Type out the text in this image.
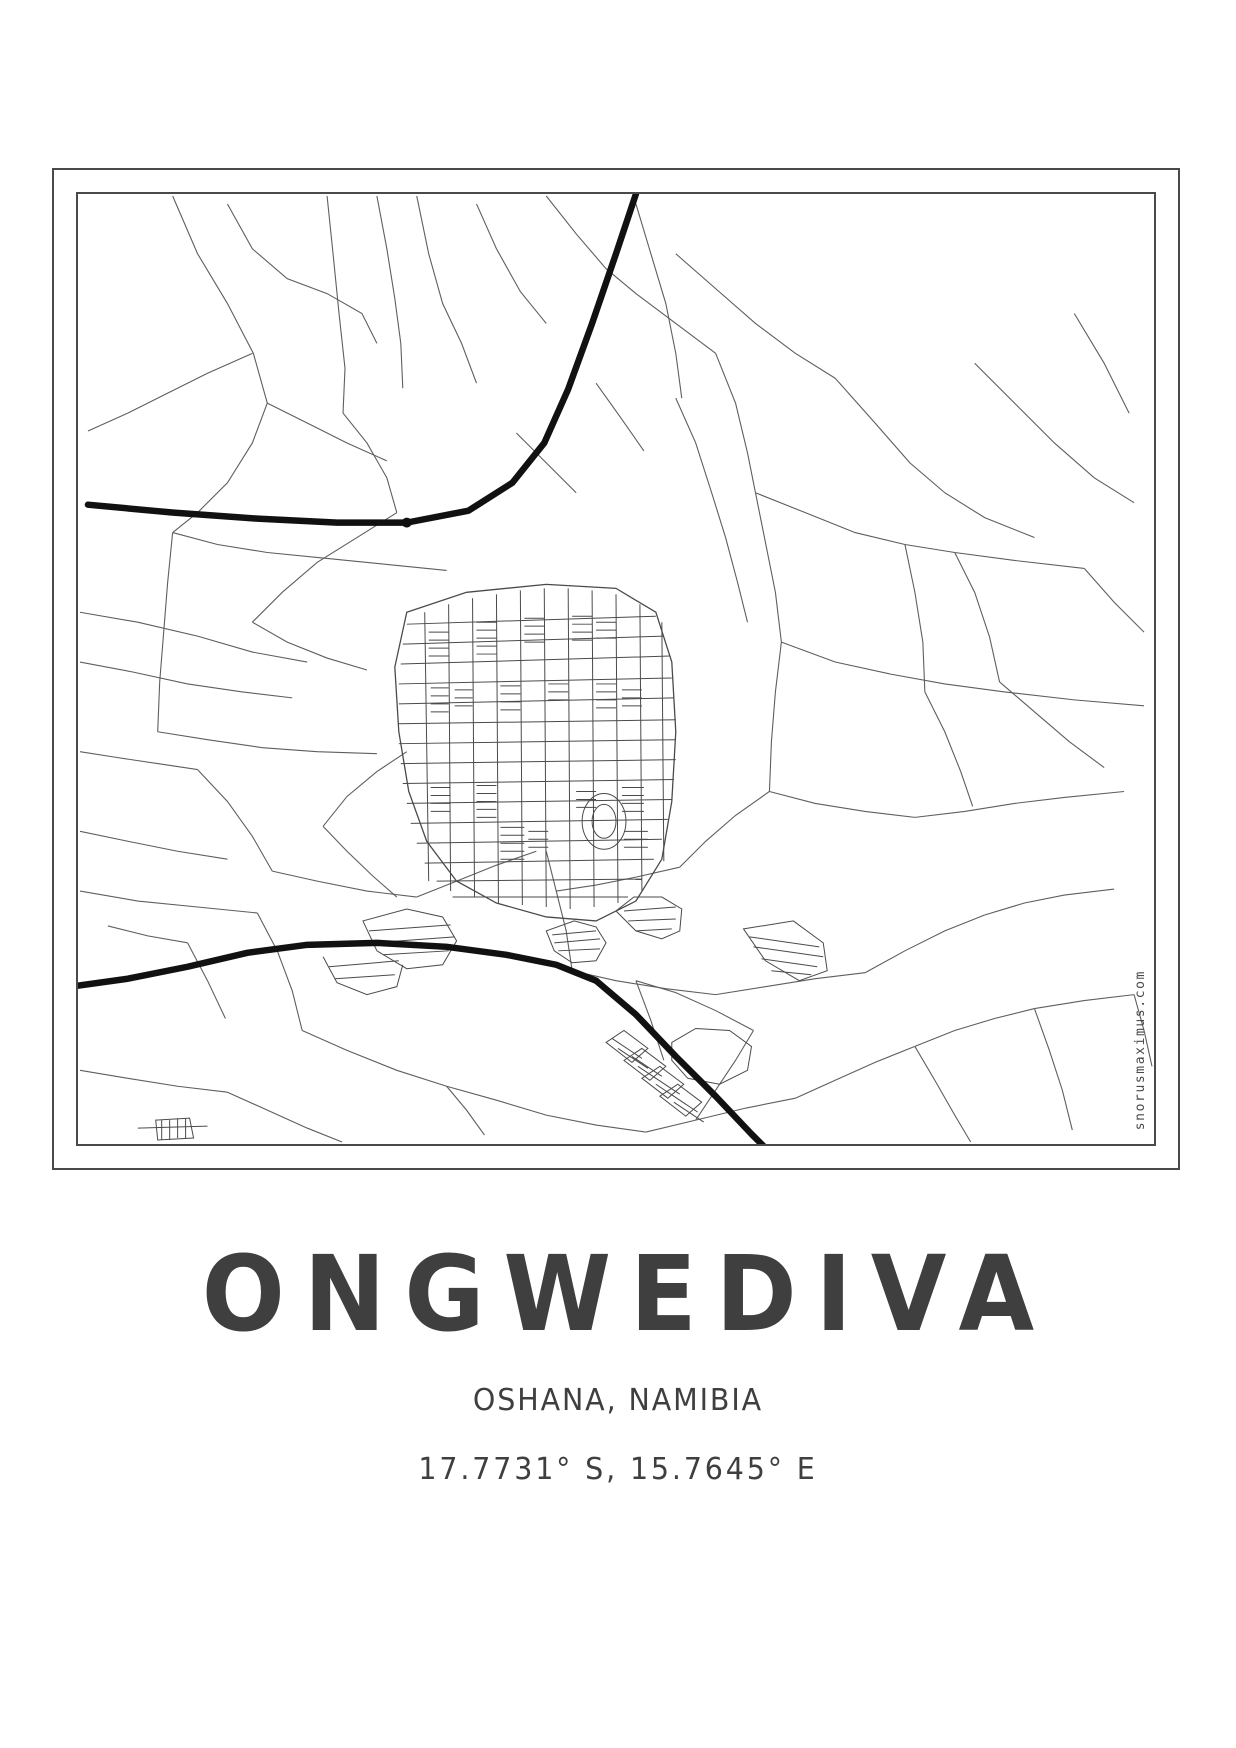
snorusmaximus.com
ONGWEDIVA
OSHANA, NAMIBIA
17.7731° S, 15.7645° E
